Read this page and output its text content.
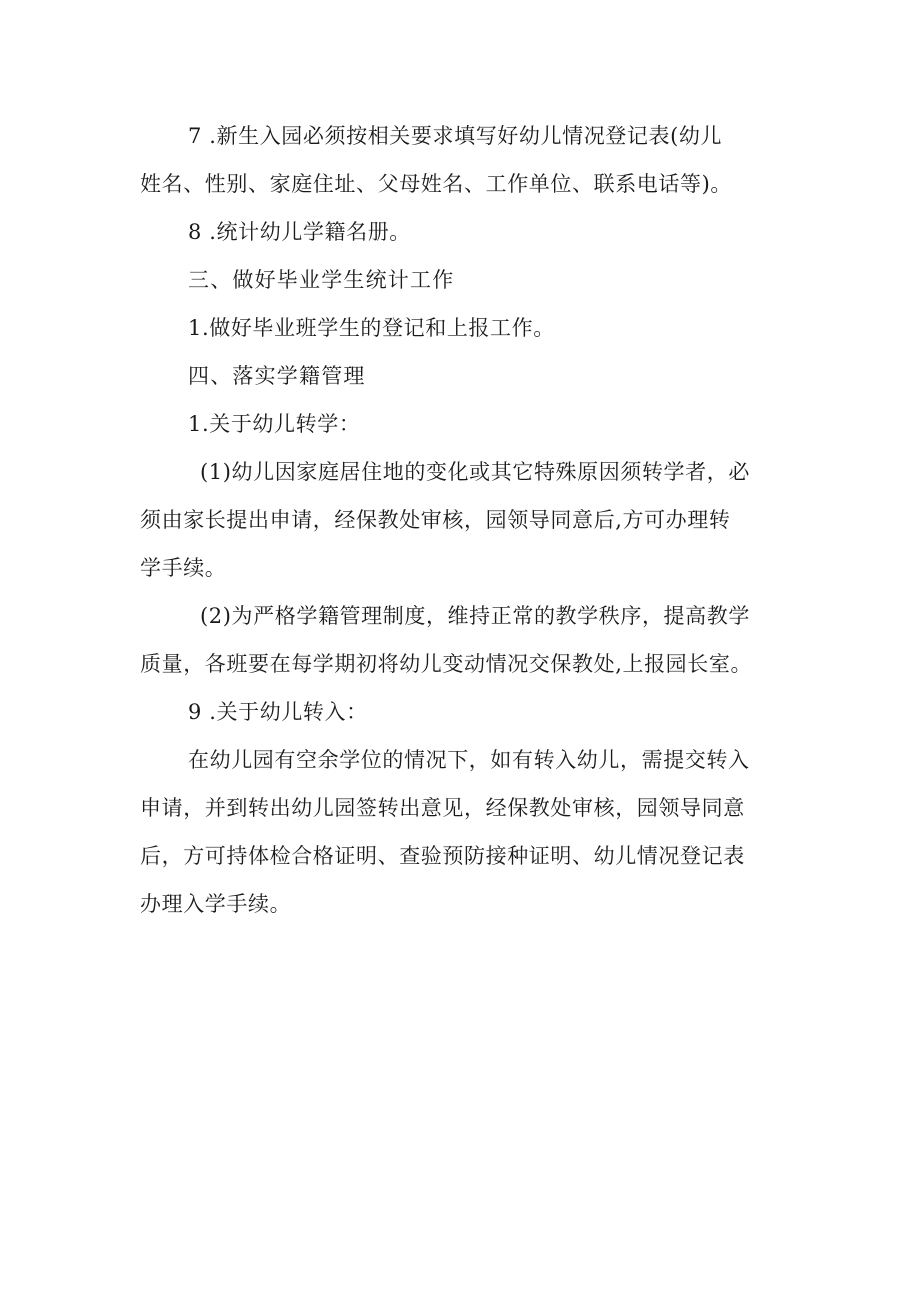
7 .新生入园必须按相关要求填写好幼儿情况登记表(幼儿

姓名、性别、家庭住址、父母姓名、工作单位、联系电话等)。

8 .统计幼儿学籍名册。

三、做好毕业学生统计工作

1.做好毕业班学生的登记和上报工作。

四、落实学籍管理

1.关于幼儿转学：

(1)幼儿因家庭居住地的变化或其它特殊原因须转学者，必

须由家长提出申请，经保教处审核，园领导同意后,方可办理转

学手续。

(2)为严格学籍管理制度，维持正常的教学秩序，提高教学

质量，各班要在每学期初将幼儿变动情况交保教处,上报园长室。

9 .关于幼儿转入：

在幼儿园有空余学位的情况下，如有转入幼儿，需提交转入

申请，并到转出幼儿园签转出意见，经保教处审核，园领导同意

后，方可持体检合格证明、查验预防接种证明、幼儿情况登记表

办理入学手续。
